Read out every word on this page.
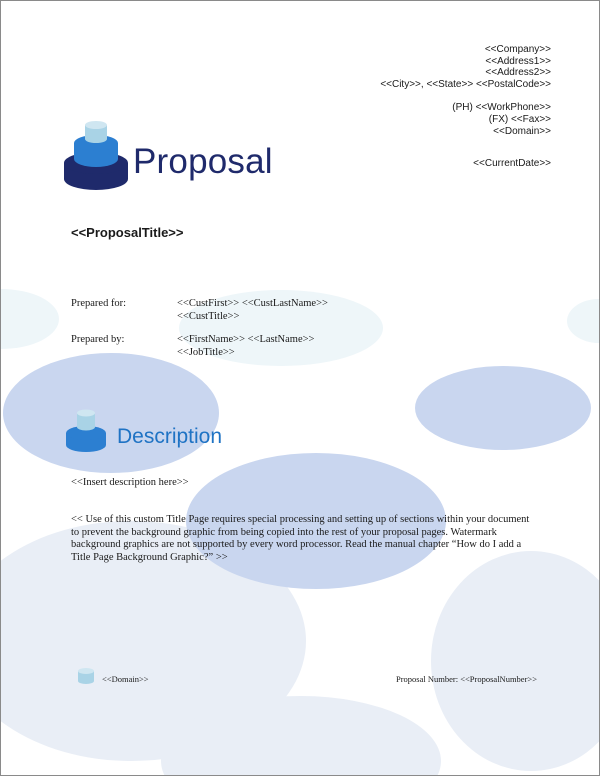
<<Company>>
<<Address1>>
<<Address2>>
<<City>>, <<State>> <<PostalCode>>
(PH) <<WorkPhone>>
(FX) <<Fax>>
<<Domain>>
<<CurrentDate>>
Proposal
<<ProposalTitle>>
Prepared for:	<<CustFirst>> <<CustLastName>>
<<CustTitle>>
Prepared by:	<<FirstName>> <<LastName>>
<<JobTitle>>
Description
<<Insert description here>>
<< Use of this custom Title Page requires special processing and setting up of sections within your document to prevent the background graphic from being copied into the rest of your proposal pages. Watermark background graphics are not supported by every word processor. Read the manual chapter “How do I add a Title Page Background Graphic?” >>
<<Domain>>	Proposal Number: <<ProposalNumber>>
